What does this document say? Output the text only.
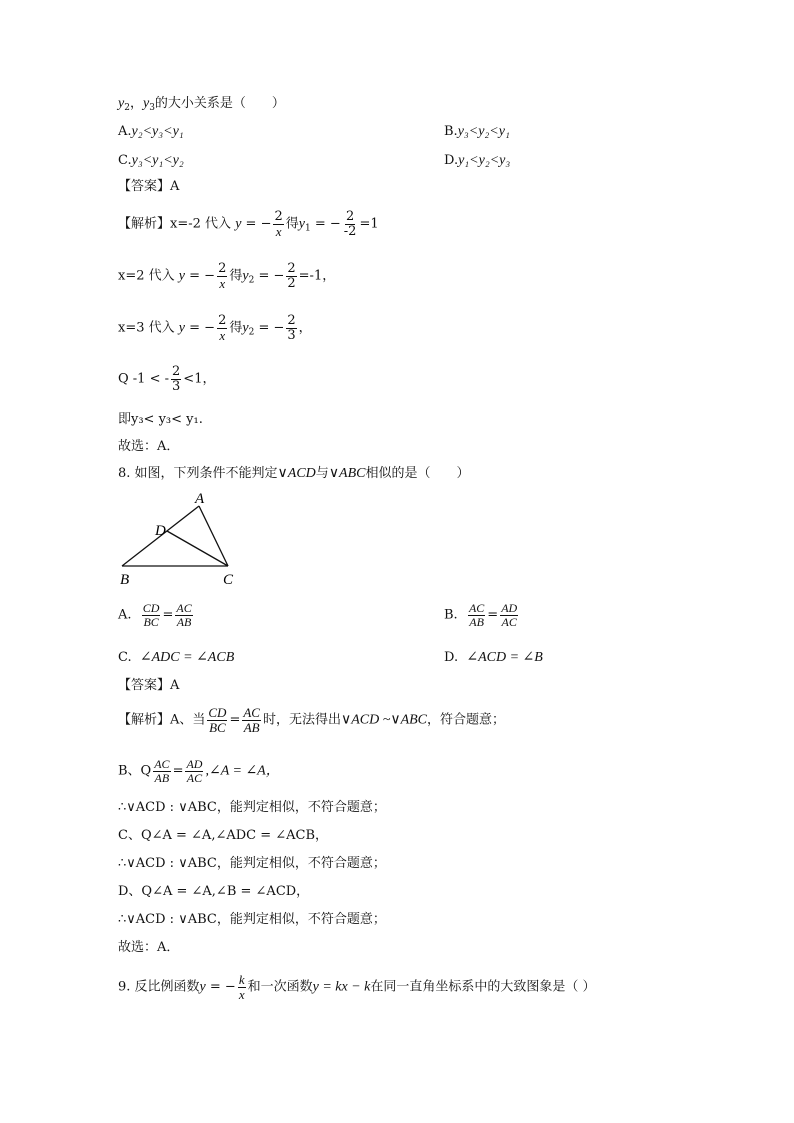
$y_2$，$y_3$的大小关系是（　　）
A.y₂<y₃<y₁	B.y₃<y₂<y₁
C.y₃<y₁<y₂	D.y₁<y₂<y₃
【答案】A
【解析】x=-2 代入 y = − $\frac{2}{x}$ 得$y_1$ = − $\frac{2}{-2} =1$
x=2 代入 y = − $\frac{2}{x}$ 得$y_2$ = − $\frac{2}{2} =-1$，
x=3 代入 y = − $\frac{2}{x}$ 得$y_2$ = − $\frac{2}{3}$ ，
Q -1 < - $\frac{2}{3} <1$，
即y₃< y₃< y₁.
故选：A．
8. 如图，下列条件不能判定∨ACD与∨ABC相似的是（　　）
A
D
B	C
A. $\frac{CD}{BC} = \frac{AC}{AB}$	B. $\frac{AC}{AB} = \frac{AD}{AC}$
C.  ∠ADC = ∠ACB	D.  ∠ACD = ∠B
【答案】A
【解析】A、当 $\frac{CD}{BC} = \frac{AC}{AB}$ 时，无法得出∨ACD ~∨ABC，符合题意；
B、Q $\frac{AC}{AB} = \frac{AD}{AC}$ ,∠A = ∠A，
∴∨ACD : ∨ABC，能判定相似，不符合题意；
C、Q∠A = ∠A,∠ADC = ∠ACB，
∴∨ACD : ∨ABC，能判定相似，不符合题意；
D、Q∠A = ∠A,∠B = ∠ACD，
∴∨ACD : ∨ABC，能判定相似，不符合题意；
故选：A．
9. 反比例函数y = − $\frac{k}{x}$ 和一次函数y = kx − k在同一直角坐标系中的大致图象是（ ）
